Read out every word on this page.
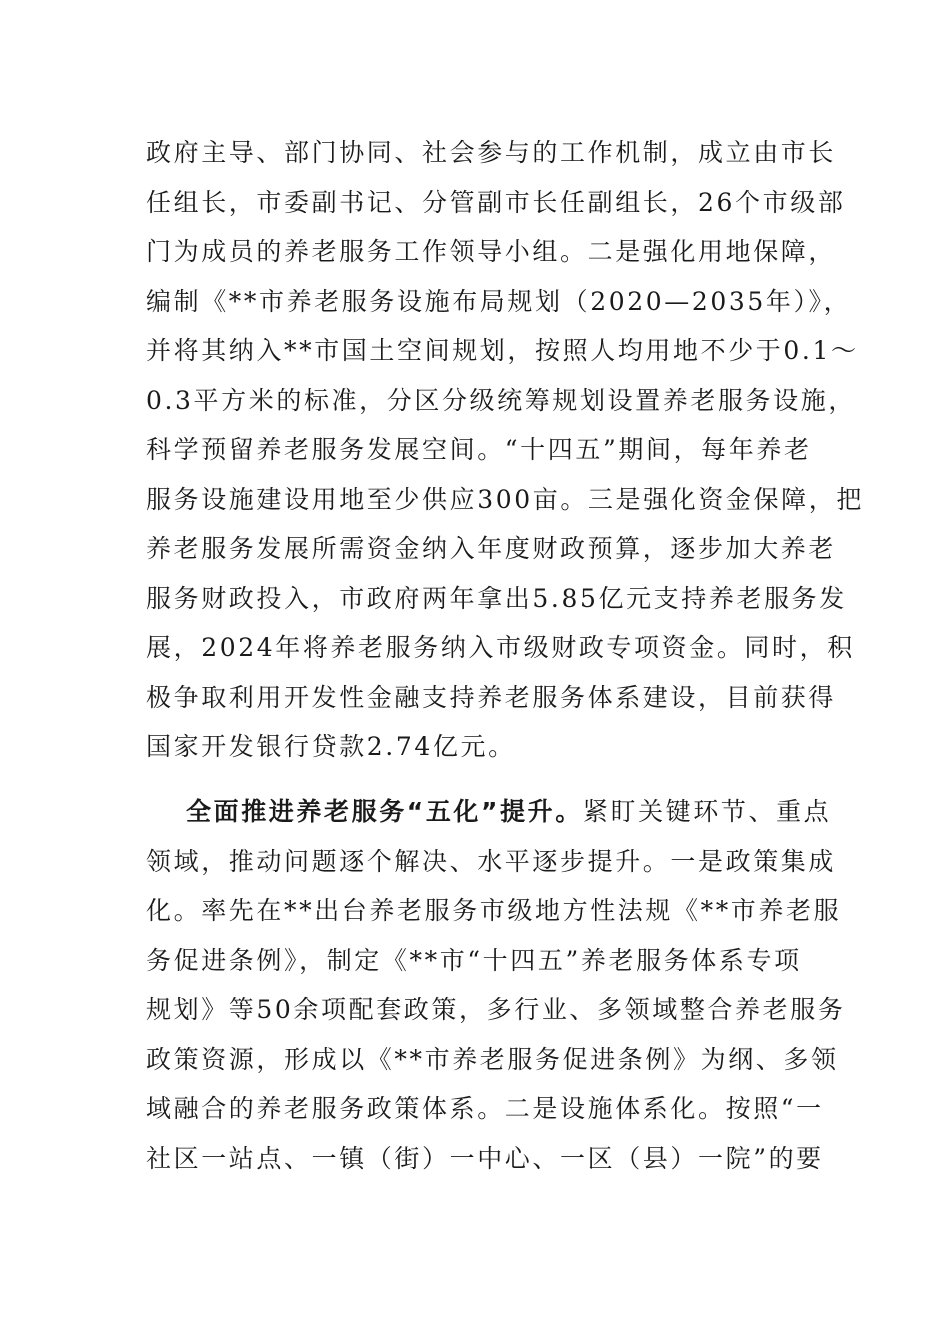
政府主导、部门协同、社会参与的工作机制，成立由市长
任组长，市委副书记、分管副市长任副组长，26个市级部
门为成员的养老服务工作领导小组。二是强化用地保障，
编制《**市养老服务设施布局规划（2020—2035年）》，
并将其纳入**市国土空间规划，按照人均用地不少于0.1～
0.3平方米的标准，分区分级统筹规划设置养老服务设施，
科学预留养老服务发展空间。“十四五”期间，每年养老
服务设施建设用地至少供应300亩。三是强化资金保障，把
养老服务发展所需资金纳入年度财政预算，逐步加大养老
服务财政投入，市政府两年拿出5.85亿元支持养老服务发
展，2024年将养老服务纳入市级财政专项资金。同时，积
极争取利用开发性金融支持养老服务体系建设，目前获得
国家开发银行贷款2.74亿元。
全面推进养老服务“五化”提升。紧盯关键环节、重点
领域，推动问题逐个解决、水平逐步提升。一是政策集成
化。率先在**出台养老服务市级地方性法规《**市养老服
务促进条例》，制定《**市“十四五”养老服务体系专项
规划》等50余项配套政策，多行业、多领域整合养老服务
政策资源，形成以《**市养老服务促进条例》为纲、多领
域融合的养老服务政策体系。二是设施体系化。按照“一
社区一站点、一镇（街）一中心、一区（县）一院”的要
